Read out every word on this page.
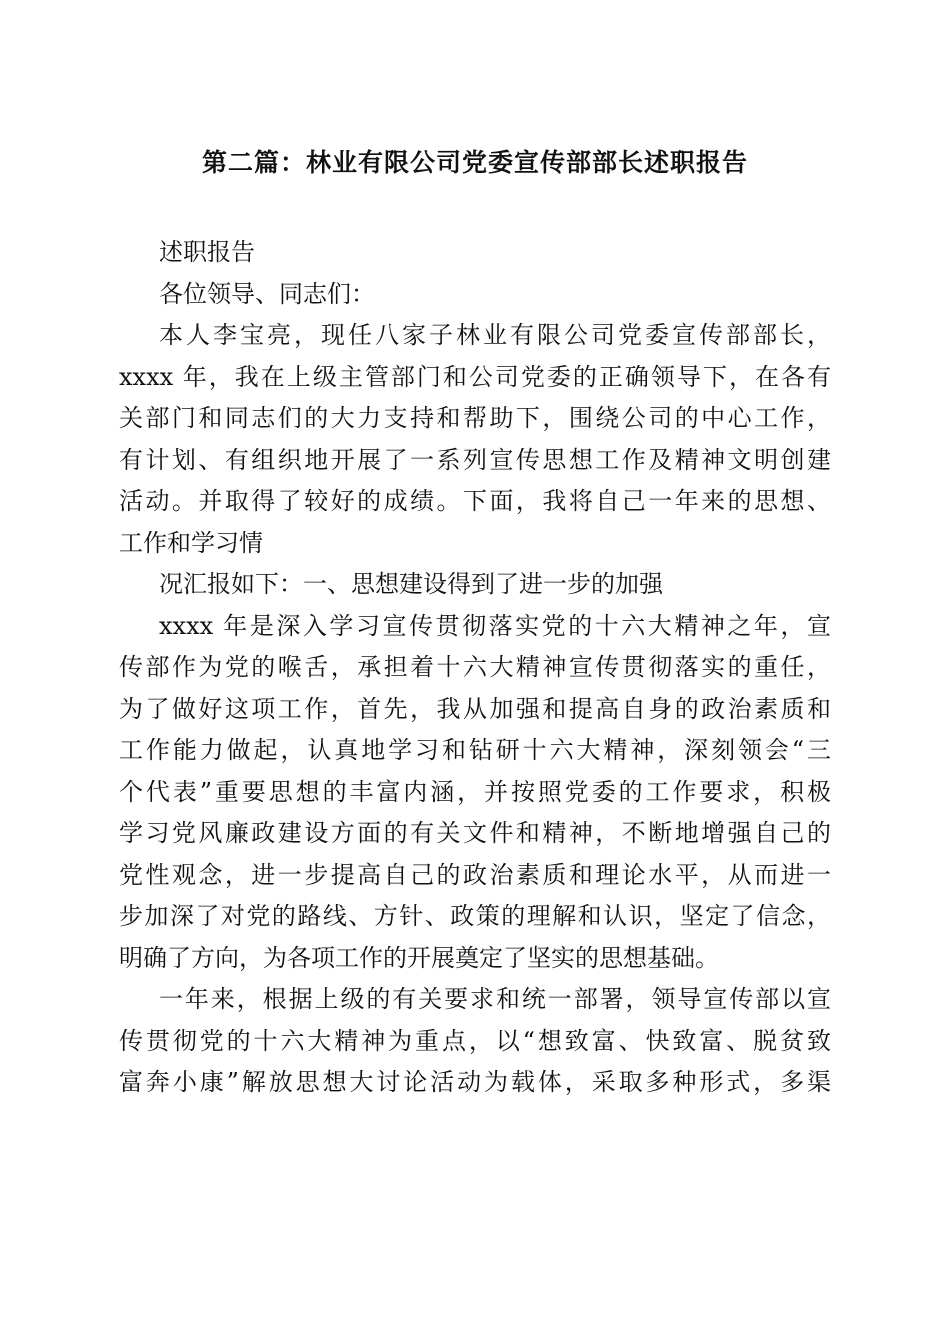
第二篇：林业有限公司党委宣传部部长述职报告

述职报告

各位领导、同志们：

本人李宝亮，现任八家子林业有限公司党委宣传部部长，
xxxx 年，我在上级主管部门和公司党委的正确领导下，在各有
关部门和同志们的大力支持和帮助下，围绕公司的中心工作，
有计划、有组织地开展了一系列宣传思想工作及精神文明创建
活动。并取得了较好的成绩。下面，我将自己一年来的思想、
工作和学习情

况汇报如下：一、思想建设得到了进一步的加强

xxxx 年是深入学习宣传贯彻落实党的十六大精神之年，宣
传部作为党的喉舌，承担着十六大精神宣传贯彻落实的重任，
为了做好这项工作，首先，我从加强和提高自身的政治素质和
工作能力做起，认真地学习和钻研十六大精神，深刻领会“三
个代表”重要思想的丰富内涵，并按照党委的工作要求，积极
学习党风廉政建设方面的有关文件和精神，不断地增强自己的
党性观念，进一步提高自己的政治素质和理论水平，从而进一
步加深了对党的路线、方针、政策的理解和认识，坚定了信念，
明确了方向，为各项工作的开展奠定了坚实的思想基础。

一年来，根据上级的有关要求和统一部署，领导宣传部以宣
传贯彻党的十六大精神为重点，以“想致富、快致富、脱贫致
富奔小康”解放思想大讨论活动为载体，采取多种形式，多渠
